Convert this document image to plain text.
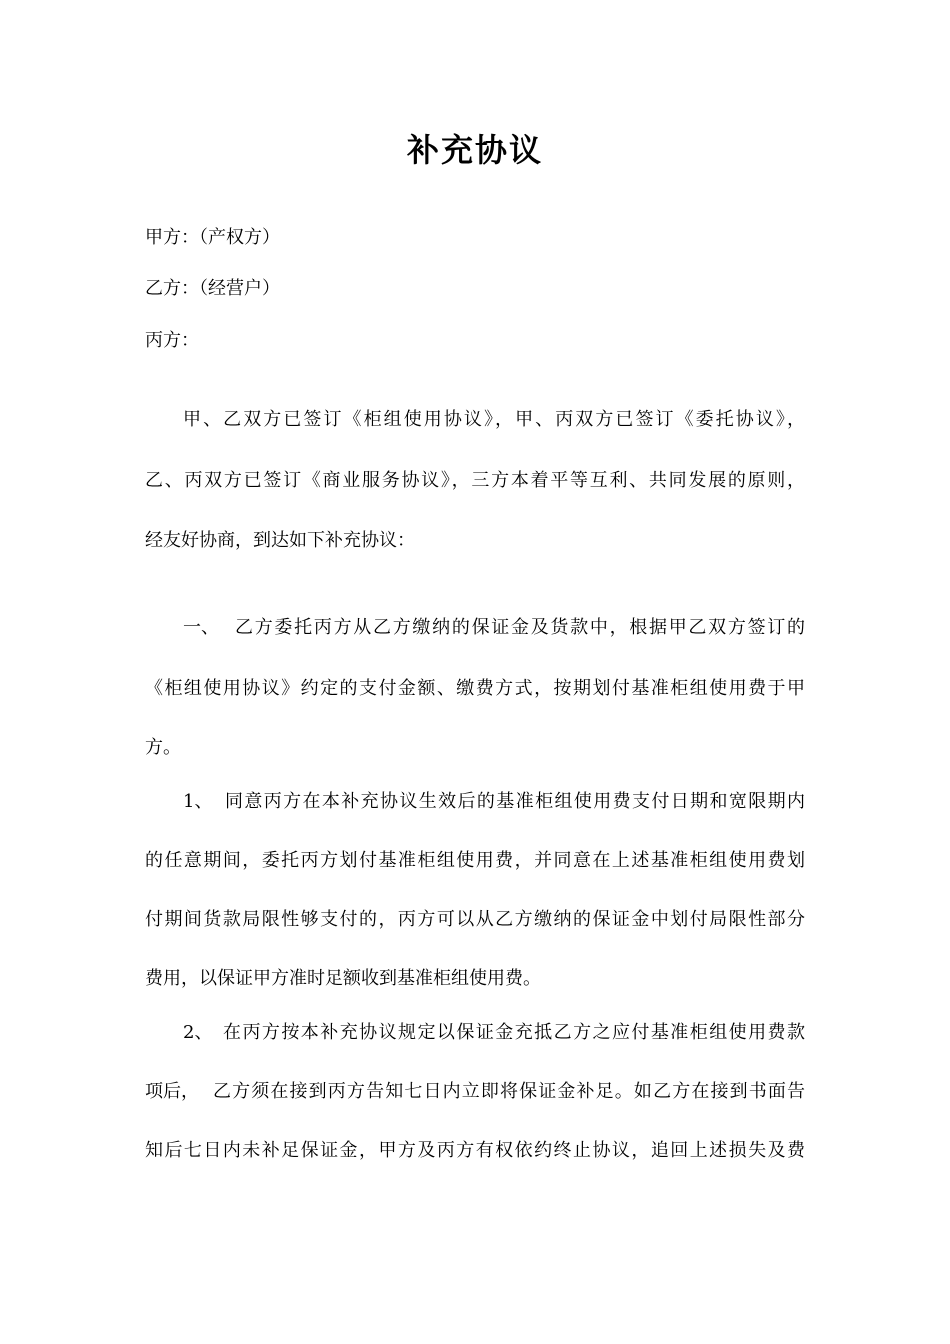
补充协议
甲方：（产权方）
乙方：（经营户）
丙方：
甲、乙双方已签订《柜组使用协议》，甲、丙双方已签订《委托协议》，
乙、丙双方已签订《商业服务协议》，三方本着平等互利、共同发展的原则，
经友好协商，到达如下补充协议：
一、 乙方委托丙方从乙方缴纳的保证金及货款中，根据甲乙双方签订的
《柜组使用协议》约定的支付金额、缴费方式，按期划付基准柜组使用费于甲
方。
1、 同意丙方在本补充协议生效后的基准柜组使用费支付日期和宽限期内
的任意期间，委托丙方划付基准柜组使用费，并同意在上述基准柜组使用费划
付期间货款局限性够支付的，丙方可以从乙方缴纳的保证金中划付局限性部分
费用，以保证甲方准时足额收到基准柜组使用费。
2、 在丙方按本补充协议规定以保证金充抵乙方之应付基准柜组使用费款
项后， 乙方须在接到丙方告知七日内立即将保证金补足。如乙方在接到书面告
知后七日内未补足保证金，甲方及丙方有权依约终止协议，追回上述损失及费
